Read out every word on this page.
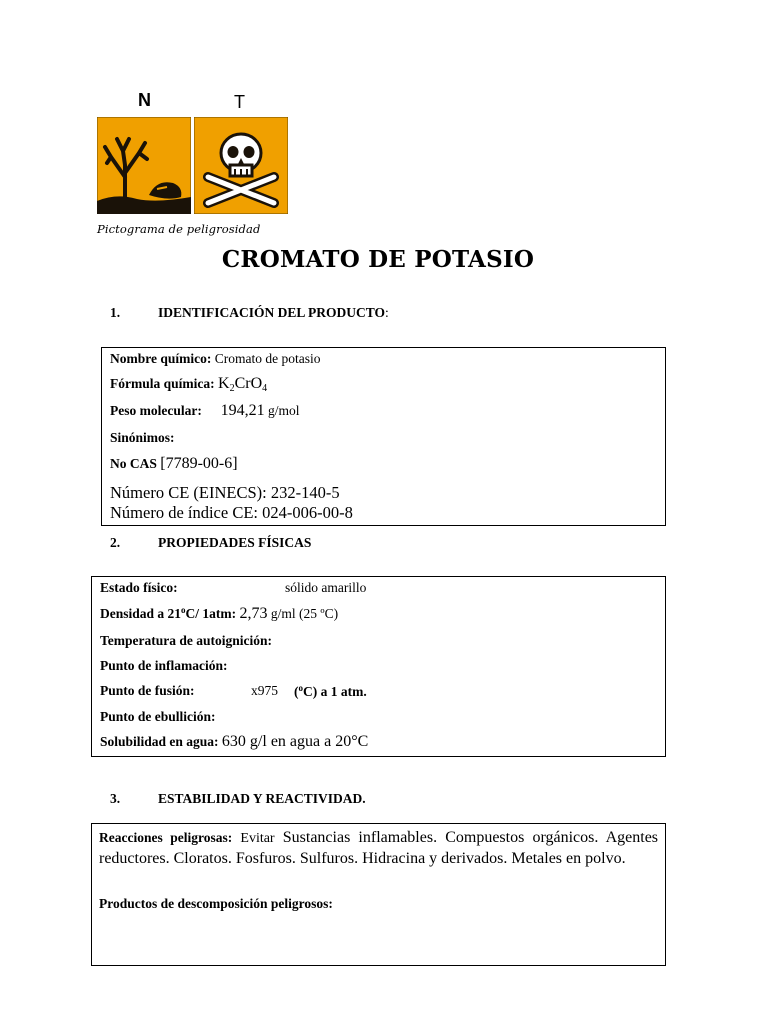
N	T
Pictograma de peligrosidad
CROMATO DE POTASIO
1.	IDENTIFICACIÓN DEL PRODUCTO:
Nombre químico: Cromato de potasio
Fórmula química: $K_2CrO_4$
Peso molecular: 194,21 g/mol
Sinónimos:
No CAS [7789-00-6]
Número CE (EINECS): 232-140-5
Número de índice CE: 024-006-00-8
2.	PROPIEDADES FÍSICAS
Estado físico:	sólido amarillo
Densidad a 21$^o$C/ 1atm: 2,73 g/ml (25 ºC)
Temperatura de autoignición:
Punto de inflamación:
Punto de fusión:	x975 ($^o$C) a 1 atm.
Punto de ebullición:
Solubilidad en agua: 630 g/l en agua a 20°C
3.	ESTABILIDAD Y REACTIVIDAD.
Reacciones peligrosas: Evitar Sustancias inflamables. Compuestos orgánicos. Agentes reductores. Cloratos. Fosfuros. Sulfuros. Hidracina y derivados. Metales en polvo.
Productos de descomposición peligrosos:
